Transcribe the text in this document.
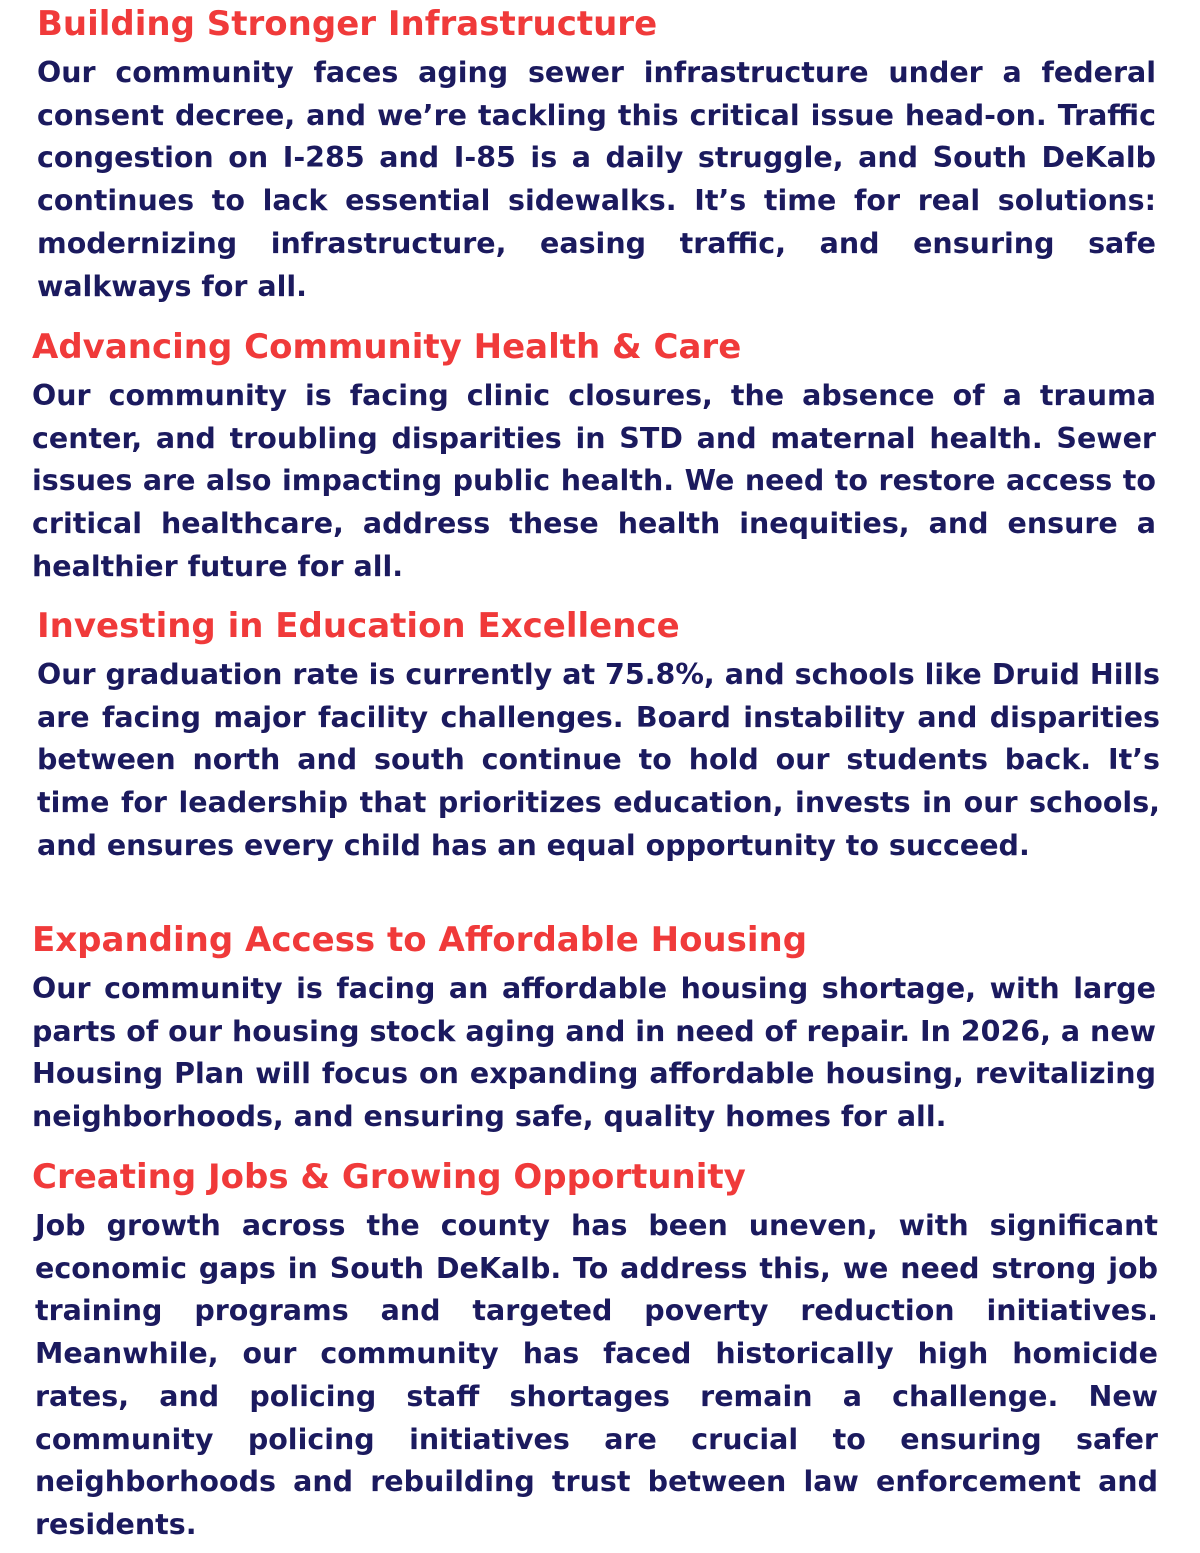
Building Stronger Infrastructure

Our community faces aging sewer infrastructure under a federal consent decree, and we’re tackling this critical issue head-on. Traffic congestion on I-285 and I-85 is a daily struggle, and South DeKalb continues to lack essential sidewalks. It’s time for real solutions: modernizing infrastructure, easing traffic, and ensuring safe walkways for all.

Advancing Community Health & Care

Our community is facing clinic closures, the absence of a trauma center, and troubling disparities in STD and maternal health. Sewer issues are also impacting public health. We need to restore access to critical healthcare, address these health inequities, and ensure a healthier future for all.

Investing in Education Excellence

Our graduation rate is currently at 75.8%, and schools like Druid Hills are facing major facility challenges. Board instability and disparities between north and south continue to hold our students back. It’s time for leadership that prioritizes education, invests in our schools, and ensures every child has an equal opportunity to succeed.

Expanding Access to Affordable Housing

Our community is facing an affordable housing shortage, with large parts of our housing stock aging and in need of repair. In 2026, a new Housing Plan will focus on expanding affordable housing, revitalizing neighborhoods, and ensuring safe, quality homes for all.

Creating Jobs & Growing Opportunity

Job growth across the county has been uneven, with significant economic gaps in South DeKalb. To address this, we need strong job training programs and targeted poverty reduction initiatives. Meanwhile, our community has faced historically high homicide rates, and policing staff shortages remain a challenge. New community policing initiatives are crucial to ensuring safer neighborhoods and rebuilding trust between law enforcement and residents.
